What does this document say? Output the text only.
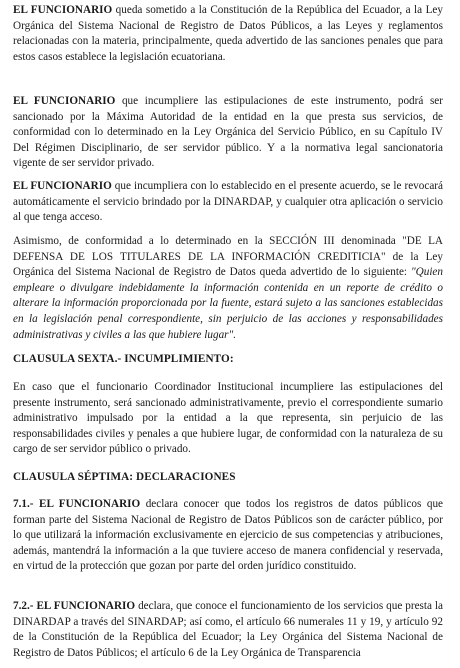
EL FUNCIONARIO queda sometido a la Constitución de la República del Ecuador, a la Ley Orgánica del Sistema Nacional de Registro de Datos Públicos, a las Leyes y reglamentos relacionadas con la materia, principalmente, queda advertido de las sanciones penales que para estos casos establece la legislación ecuatoriana.

EL FUNCIONARIO que incumpliere las estipulaciones de este instrumento, podrá ser sancionado por la Máxima Autoridad de la entidad en la que presta sus servicios, de conformidad con lo determinado en la Ley Orgánica del Servicio Público, en su Capítulo IV Del Régimen Disciplinario, de ser servidor público. Y a la normativa legal sancionatoria vigente de ser servidor privado.

EL FUNCIONARIO que incumpliera con lo establecido en el presente acuerdo, se le revocará automáticamente el servicio brindado por la DINARDAP, y cualquier otra aplicación o servicio al que tenga acceso.

Asimismo, de conformidad a lo determinado en la SECCIÓN III denominada "DE LA DEFENSA DE LOS TITULARES DE LA INFORMACIÓN CREDITICIA" de la Ley Orgánica del Sistema Nacional de Registro de Datos queda advertido de lo siguiente: "Quien empleare o divulgare indebidamente la información contenida en un reporte de crédito o alterare la información proporcionada por la fuente, estará sujeto a las sanciones establecidas en la legislación penal correspondiente, sin perjuicio de las acciones y responsabilidades administrativas y civiles a las que hubiere lugar".

CLAUSULA SEXTA.- INCUMPLIMIENTO:

En caso que el funcionario Coordinador Institucional incumpliere las estipulaciones del presente instrumento, será sancionado administrativamente, previo el correspondiente sumario administrativo impulsado por la entidad a la que representa, sin perjuicio de las responsabilidades civiles y penales a que hubiere lugar, de conformidad con la naturaleza de su cargo de ser servidor público o privado.

CLAUSULA SÉPTIMA: DECLARACIONES

7.1.- EL FUNCIONARIO declara conocer que todos los registros de datos públicos que forman parte del Sistema Nacional de Registro de Datos Públicos son de carácter público, por lo que utilizará la información exclusivamente en ejercicio de sus competencias y atribuciones, además, mantendrá la información a la que tuviere acceso de manera confidencial y reservada, en virtud de la protección que gozan por parte del orden jurídico constituido.

7.2.- EL FUNCIONARIO declara, que conoce el funcionamiento de los servicios que presta la DINARDAP a través del SINARDAP; así como, el artículo 66 numerales 11 y 19, y artículo 92 de la Constitución de la República del Ecuador; la Ley Orgánica del Sistema Nacional de Registro de Datos Públicos; el artículo 6 de la Ley Orgánica de Transparencia
